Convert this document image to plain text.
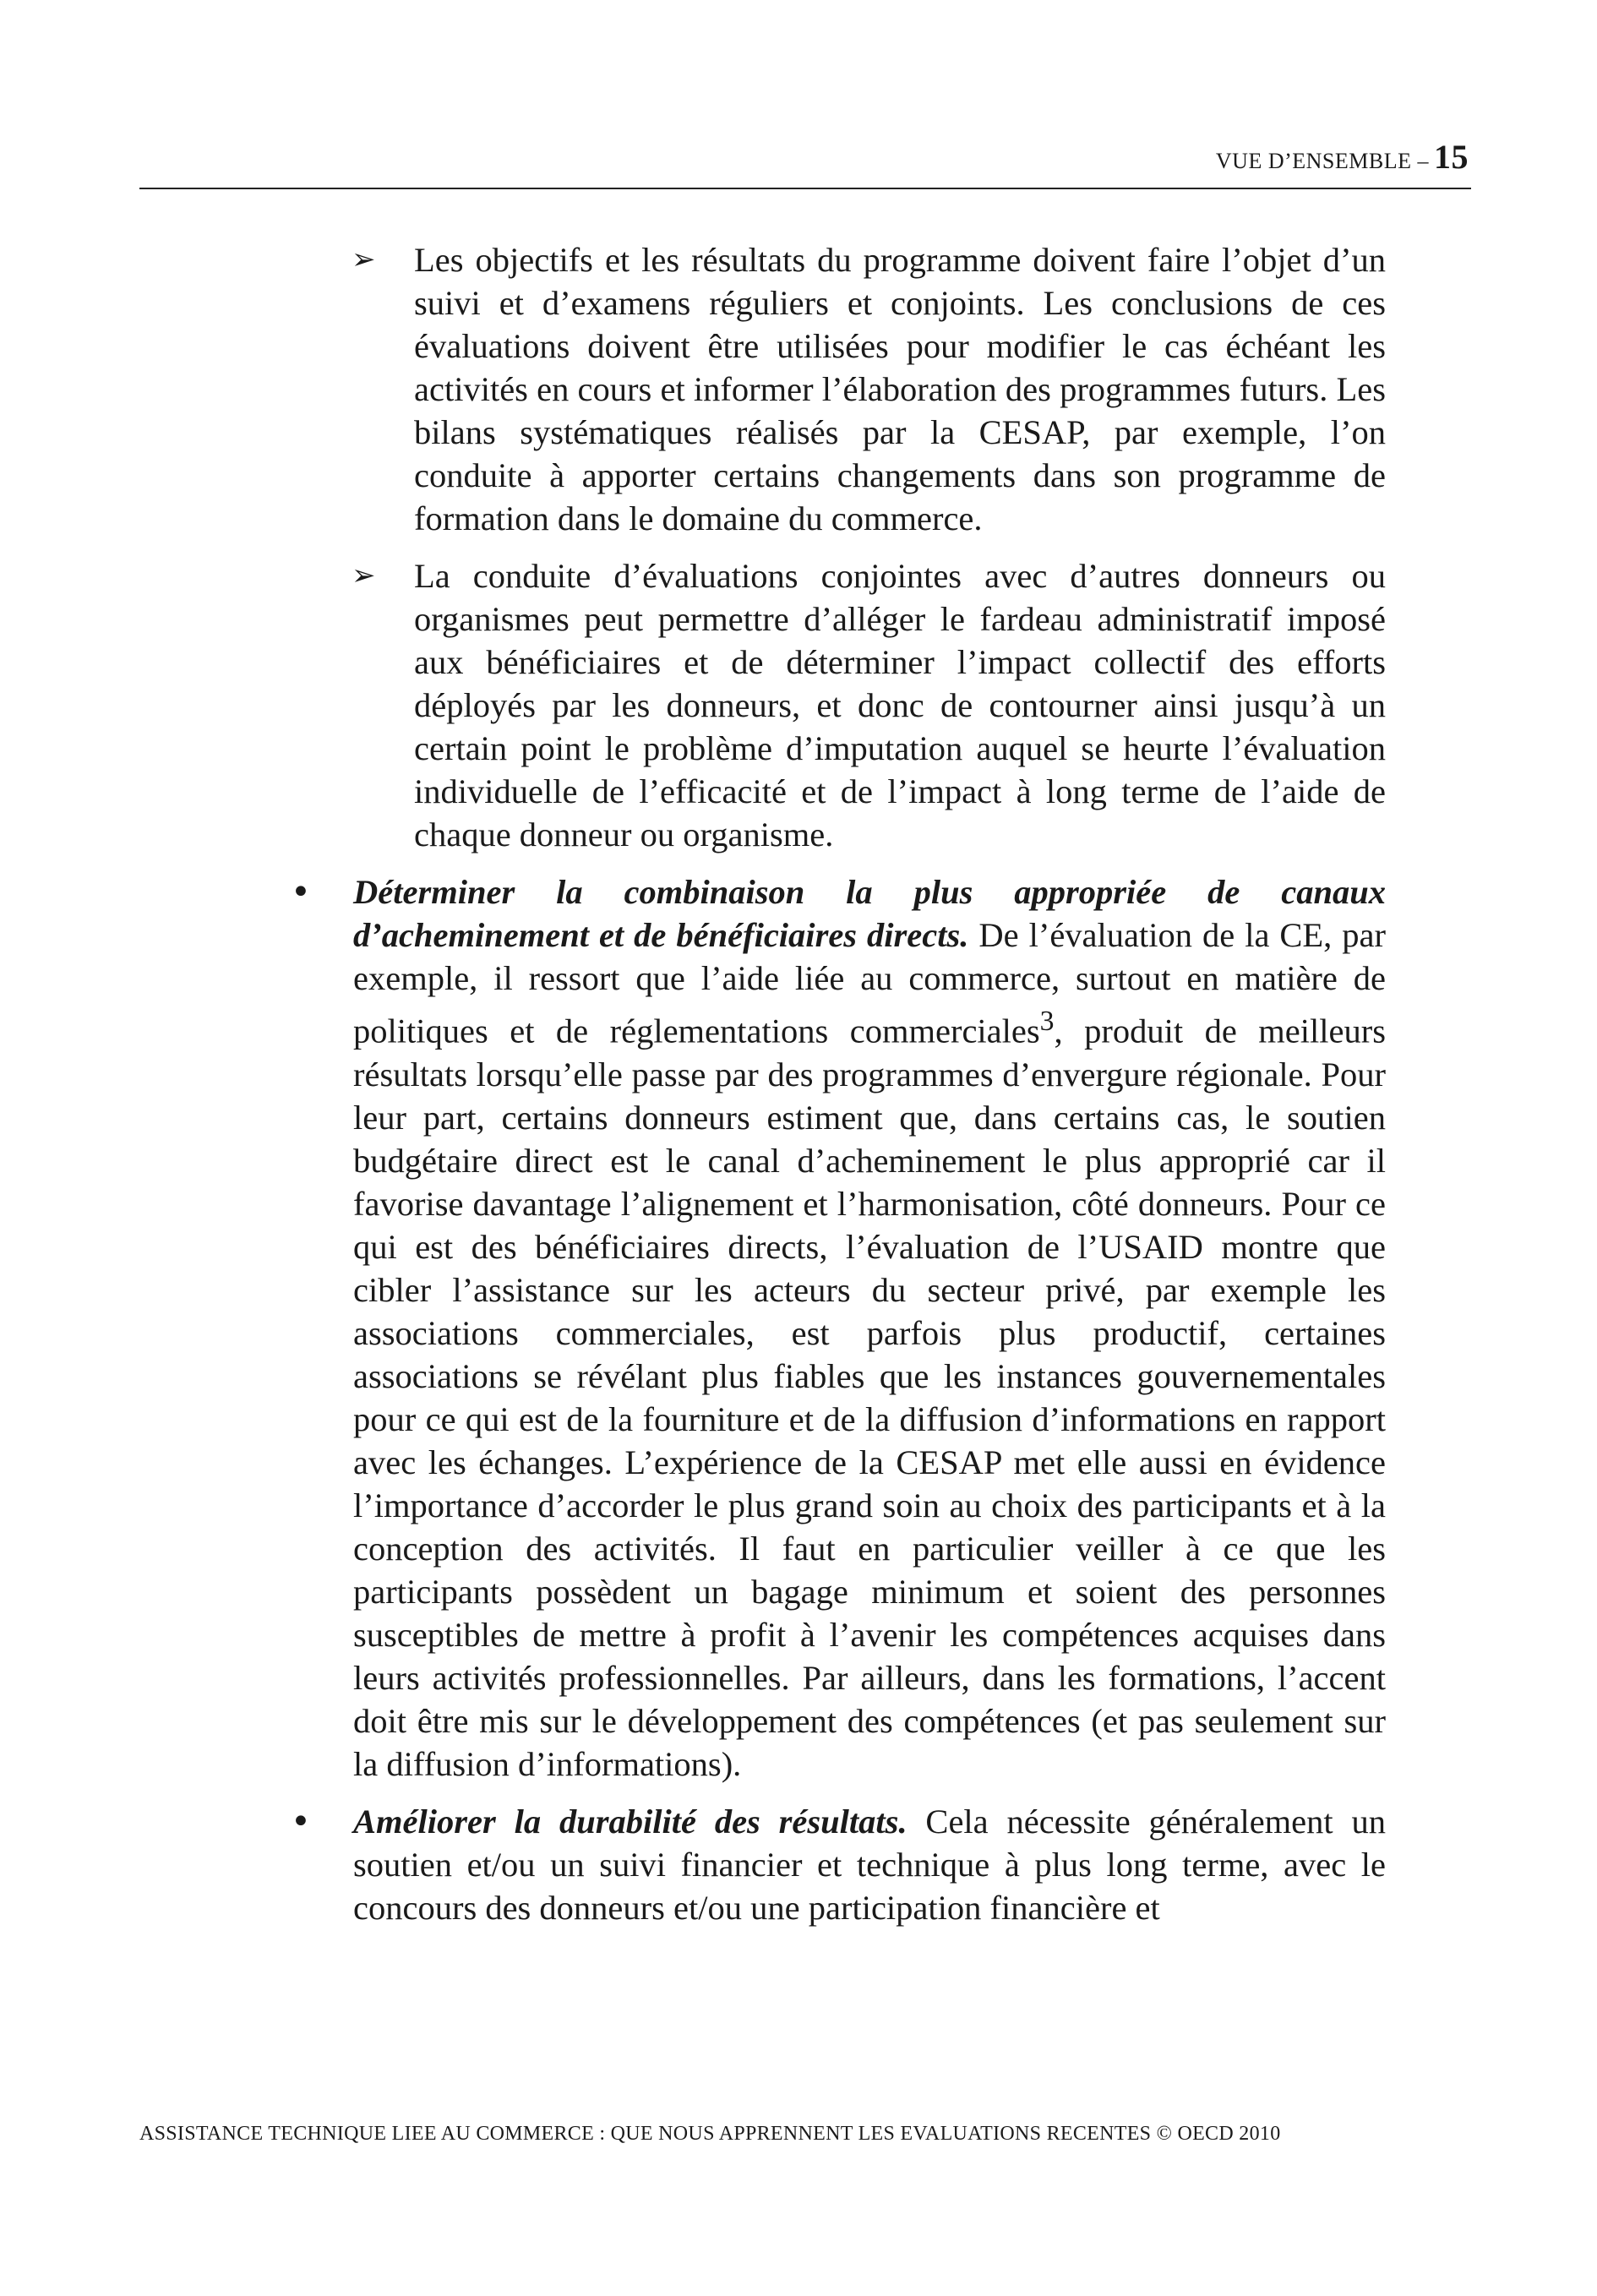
VUE D’ENSEMBLE – 15
➢ Les objectifs et les résultats du programme doivent faire l’objet d’un suivi et d’examens réguliers et conjoints. Les conclusions de ces évaluations doivent être utilisées pour modifier le cas échéant les activités en cours et informer l’élaboration des programmes futurs. Les bilans systématiques réalisés par la CESAP, par exemple, l’on conduite à apporter certains changements dans son programme de formation dans le domaine du commerce.
➢ La conduite d’évaluations conjointes avec d’autres donneurs ou organismes peut permettre d’alléger le fardeau administratif imposé aux bénéficiaires et de déterminer l’impact collectif des efforts déployés par les donneurs, et donc de contourner ainsi jusqu’à un certain point le problème d’imputation auquel se heurte l’évaluation individuelle de l’efficacité et de l’impact à long terme de l’aide de chaque donneur ou organisme.
• Déterminer la combinaison la plus appropriée de canaux d’acheminement et de bénéficiaires directs. De l’évaluation de la CE, par exemple, il ressort que l’aide liée au commerce, surtout en matière de politiques et de réglementations commerciales$^3$, produit de meilleurs résultats lorsqu’elle passe par des programmes d’envergure régionale. Pour leur part, certains donneurs estiment que, dans certains cas, le soutien budgétaire direct est le canal d’acheminement le plus approprié car il favorise davantage l’alignement et l’harmonisation, côté donneurs. Pour ce qui est des bénéficiaires directs, l’évaluation de l’USAID montre que cibler l’assistance sur les acteurs du secteur privé, par exemple les associations commerciales, est parfois plus productif, certaines associations se révélant plus fiables que les instances gouvernementales pour ce qui est de la fourniture et de la diffusion d’informations en rapport avec les échanges. L’expérience de la CESAP met elle aussi en évidence l’importance d’accorder le plus grand soin au choix des participants et à la conception des activités. Il faut en particulier veiller à ce que les participants possèdent un bagage minimum et soient des personnes susceptibles de mettre à profit à l’avenir les compétences acquises dans leurs activités professionnelles. Par ailleurs, dans les formations, l’accent doit être mis sur le développement des compétences (et pas seulement sur la diffusion d’informations).
• Améliorer la durabilité des résultats. Cela nécessite généralement un soutien et/ou un suivi financier et technique à plus long terme, avec le concours des donneurs et/ou une participation financière et
ASSISTANCE TECHNIQUE LIEE AU COMMERCE : QUE NOUS APPRENNENT LES EVALUATIONS RECENTES © OECD 2010
